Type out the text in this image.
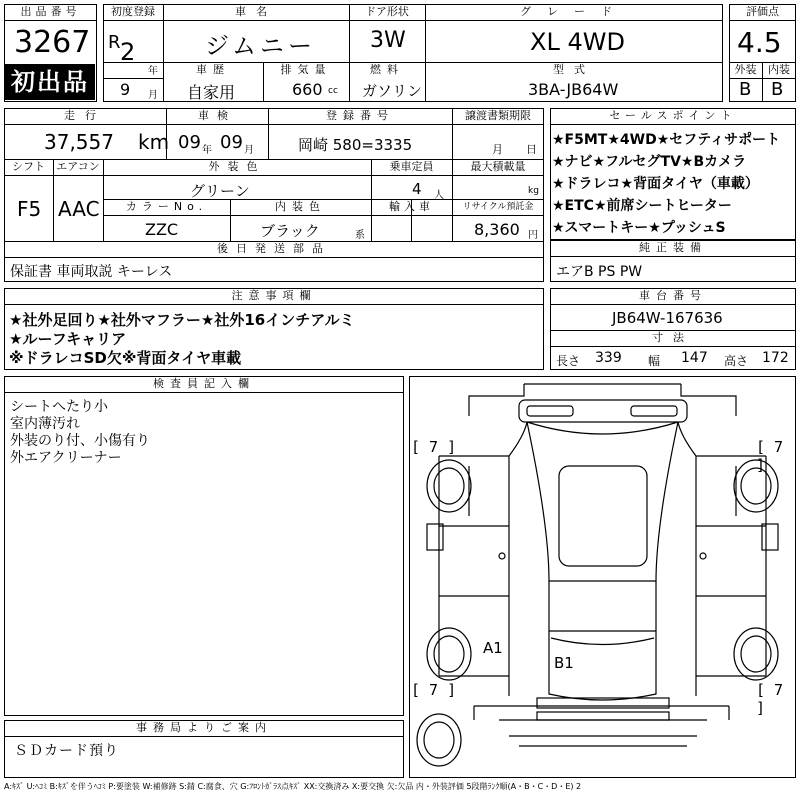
出品番号
3267
初出品
初度登録
R 2
年
9 月
車名
ジムニー
ドア形状
3W
グレード
XL 4WD
車歴
自家用
排気量
660 cc
燃料
ガソリン
型式
3BA-JB64W
評価点
4.5
外装	内装
B B
走行
37,557 km
車検
09 年 09 月
登録番号
岡崎 580=3335
譲渡書類期限
月 日
シフト
F5
エアコン
AAC
外装色
グリーン
乗車定員
4 人
最大積載量
kg
カラーNo.
ZZC
内装色
ブラック	系
輸入車	リサイクル預託金
8,360 円
後日発送部品
保証書 車両取説 キーレス
セールスポイント
★F5MT★4WD★セフティサポート
★ナビ★フルセグTV★Bカメラ
★ドラレコ★背面タイヤ（車載）
★ETC★前席シートヒーター
★スマートキー★プッシュS
純正装備
エアB PS PW
注意事項欄
★社外足回り★社外マフラー★社外16インチアルミ
★ルーフキャリア
※ドラレコSD欠※背面タイヤ車載
車台番号
JB64W-167636
寸法
長さ 339 幅 147 高さ 172
検査員記入欄
シートへたり小
室内薄汚れ
外装のり付、小傷有り
外エアクリーナー
事務局よりご案内
ＳＤカード預り
[ 7 ]	[ 7 ]
[ 7 ]	[ 7 ]
A1
B1
A:ｷｽﾞ U:ﾍｺﾐ B:ｷｽﾞを伴うﾍｺﾐ P:要塗装 W:補修跡 S:錆 C:腐食、穴 G:ﾌﾛﾝﾄｶﾞﾗｽ点ｷｽﾞ XX:交換済み X:要交換 欠:欠品 内・外装評価 5段階ﾗﾝｸ順(A・B・C・D・E) 2
